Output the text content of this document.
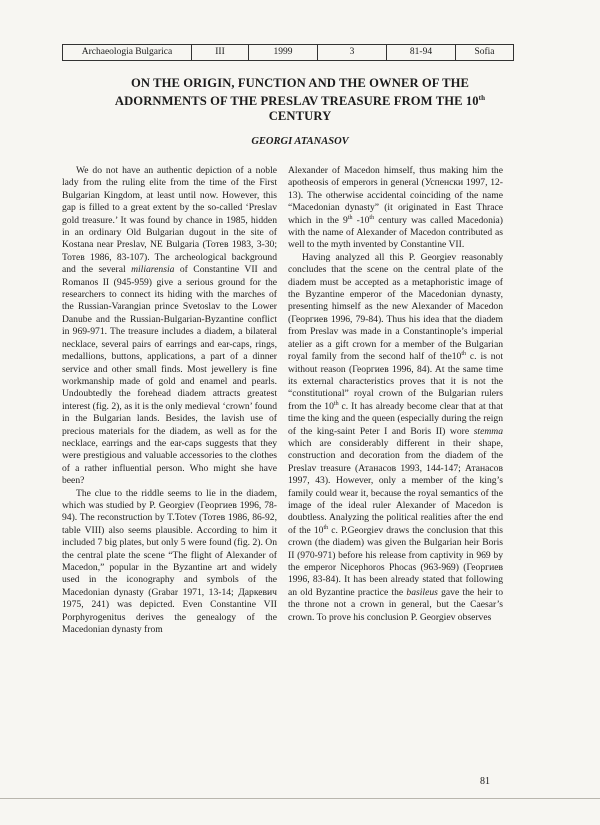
Archaeologia Bulgarica	III	1999	3	81-94	Sofia
ON THE ORIGIN, FUNCTION AND THE OWNER OF THE
ADORNMENTS OF THE PRESLAV TREASURE FROM THE 10th
CENTURY
GEORGI ATANASOV

We do not have an authentic depiction of a noble lady from the ruling elite from the time of the First Bulgarian Kingdom, at least until now. However, this gap is filled to a great extent by the so-called ‘Preslav gold treasure.’ It was found by chance in 1985, hidden in an ordinary Old Bulgarian dugout in the site of Kostana near Preslav, NE Bulgaria (Тотев 1983, 3-30; Тотев 1986, 83-107). The archeological background and the several miliarensia of Constantine VII and Romanos II (945-959) give a serious ground for the researchers to connect its hiding with the marches of the Russian-Varangian prince Svetoslav to the Lower Danube and the Russian-Bulgarian-Byzantine conflict in 969-971. The treasure includes a diadem, a bilateral necklace, several pairs of earrings and ear-caps, rings, medallions, buttons, applications, a part of a dinner service and other small finds. Most jewellery is fine workmanship made of gold and enamel and pearls. Undoubtedly the forehead diadem attracts greatest interest (fig. 2), as it is the only medieval ‘crown’ found in the Bulgarian lands. Besides, the lavish use of precious materials for the diadem, as well as for the necklace, earrings and the ear-caps suggests that they were prestigious and valuable accessories to the clothes of a rather influential person. Who might she have been?

The clue to the riddle seems to lie in the diadem, which was studied by P. Georgiev (Георгиев 1996, 78-94). The reconstruction by T.Totev (Тотев 1986, 86-92, table VIII) also seems plausible. According to him it included 7 big plates, but only 5 were found (fig. 2). On the central plate the scene “The flight of Alexander of Macedon,” popular in the Byzantine art and widely used in the iconography and symbols of the Macedonian dynasty (Grabar 1971, 13-14; Даркевич 1975, 241) was depicted. Even Constantine VII Porphyrogenitus derives the genealogy of the Macedonian dynasty from

Alexander of Macedon himself, thus making him the apotheosis of emperors in general (Успенски 1997, 12-13). The otherwise accidental coinciding of the name “Macedonian dynasty” (it originated in East Thrace which in the 9th -10th century was called Macedonia) with the name of Alexander of Macedon contributed as well to the myth invented by Constantine VII.

Having analyzed all this P. Georgiev reasonably concludes that the scene on the central plate of the diadem must be accepted as a metaphoristic image of the Byzantine emperor of the Macedonian dynasty, presenting himself as the new Alexander of Macedon (Георгиев 1996, 79-84). Thus his idea that the diadem from Preslav was made in a Constantinople’s imperial atelier as a gift crown for a member of the Bulgarian royal family from the second half of the10th c. is not without reason (Георгиев 1996, 84). At the same time its external characteristics proves that it is not the “constitutional” royal crown of the Bulgarian rulers from the 10th c. It has already become clear that at that time the king and the queen (especially during the reign of the king-saint Peter I and Boris II) wore stemma which are considerably different in their shape, construction and decoration from the diadem of the Preslav treasure (Атанасов 1993, 144-147; Атанасов 1997, 43). However, only a member of the king’s family could wear it, because the royal semantics of the image of the ideal ruler Alexander of Macedon is doubtless. Analyzing the political realities after the end of the 10th c. P.Georgiev draws the conclusion that this crown (the diadem) was given the Bulgarian heir Boris II (970-971) before his release from captivity in 969 by the emperor Nicephoros Phocas (963-969) (Георгиев 1996, 83-84). It has been already stated that following an old Byzantine practice the basileus gave the heir to the throne not a crown in general, but the Caesar’s crown. To prove his conclusion P. Georgiev observes

81
